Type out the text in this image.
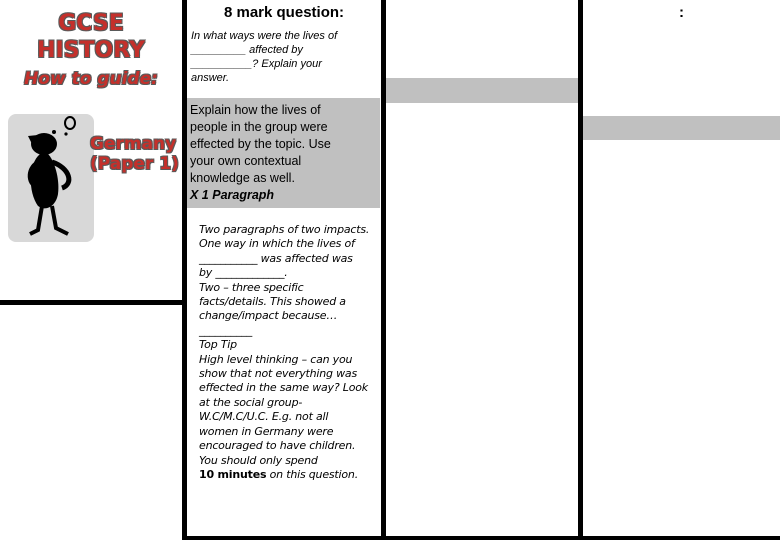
GCSE
HISTORY
How to guide:
Germany
(Paper 1)
8 mark question:
In what ways were the lives of
_________ affected by
__________? Explain your
answer.
Explain how the lives of
people in the group were
effected by the topic. Use
your own contextual
knowledge as well.
X 1 Paragraph
Two paragraphs of two impacts.
One way in which the lives of
___________ was affected was
by _____________.
Two – three specific
facts/details. This showed a
change/impact because…
__________
Top Tip
High level thinking – can you
show that not everything was
effected in the same way? Look
at the social group-
W.C/M.C/U.C. E.g. not all
women in Germany were
encouraged to have children.
You should only spend
10 minutes on this question.
:
